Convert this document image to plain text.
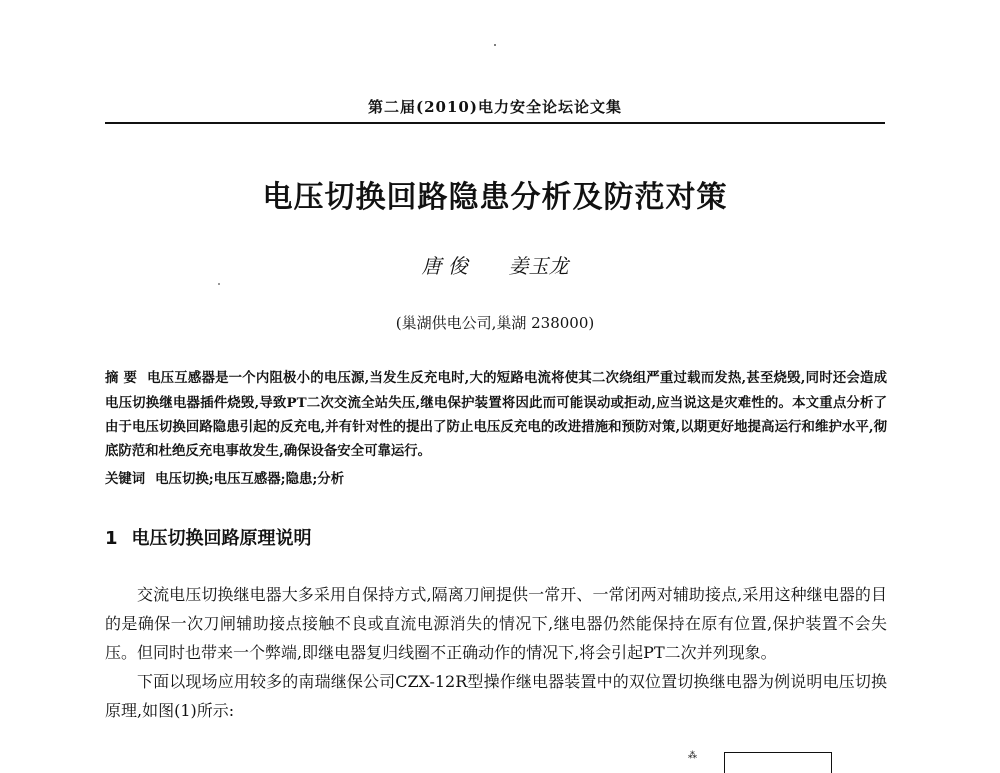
第二届(2010)电力安全论坛论文集
电压切换回路隐患分析及防范对策
唐 俊 姜玉龙
(巢湖供电公司,巢湖 238000)
摘 要 电压互感器是一个内阻极小的电压源,当发生反充电时,大的短路电流将使其二次绕组严重过载而发热,甚至烧毁,同时还会造成电压切换继电器插件烧毁,导致PT二次交流全站失压,继电保护装置将因此而可能误动或拒动,应当说这是灾难性的。本文重点分析了由于电压切换回路隐患引起的反充电,并有针对性的提出了防止电压反充电的改进措施和预防对策,以期更好地提高运行和维护水平,彻底防范和杜绝反充电事故发生,确保设备安全可靠运行。
关键词 电压切换;电压互感器;隐患;分析
1 电压切换回路原理说明

交流电压切换继电器大多采用自保持方式,隔离刀闸提供一常开、一常闭两对辅助接点,采用这种继电器的目的是确保一次刀闸辅助接点接触不良或直流电源消失的情况下,继电器仍然能保持在原有位置,保护装置不会失压。但同时也带来一个弊端,即继电器复归线圈不正确动作的情况下,将会引起PT二次并列现象。

下面以现场应用较多的南瑞继保公司CZX-12R型操作继电器装置中的双位置切换继电器为例说明电压切换原理,如图(1)所示:

⁂
